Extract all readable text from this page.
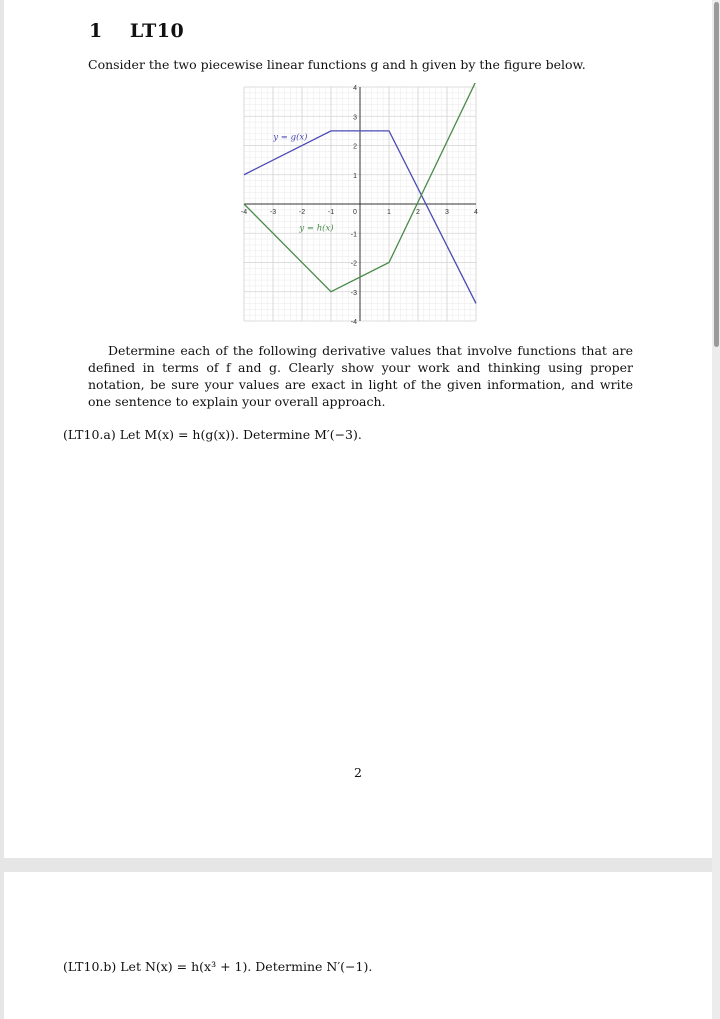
1 LT10
Consider the two piecewise linear functions g and h given by the figure below.
-4	-3	-2	-1	0	1	2	3	4
4
3
2
1
-1
-2
-3
-4
y = g(x)
y = h(x)
Determine each of the following derivative values that involve functions that are defined in terms of f and g. Clearly show your work and thinking using proper notation, be sure your values are exact in light of the given information, and write one sentence to explain your overall approach.
(LT10.a) Let M(x) = h(g(x)). Determine M′(−3).
2
(LT10.b) Let N(x) = h(x³ + 1). Determine N′(−1).
